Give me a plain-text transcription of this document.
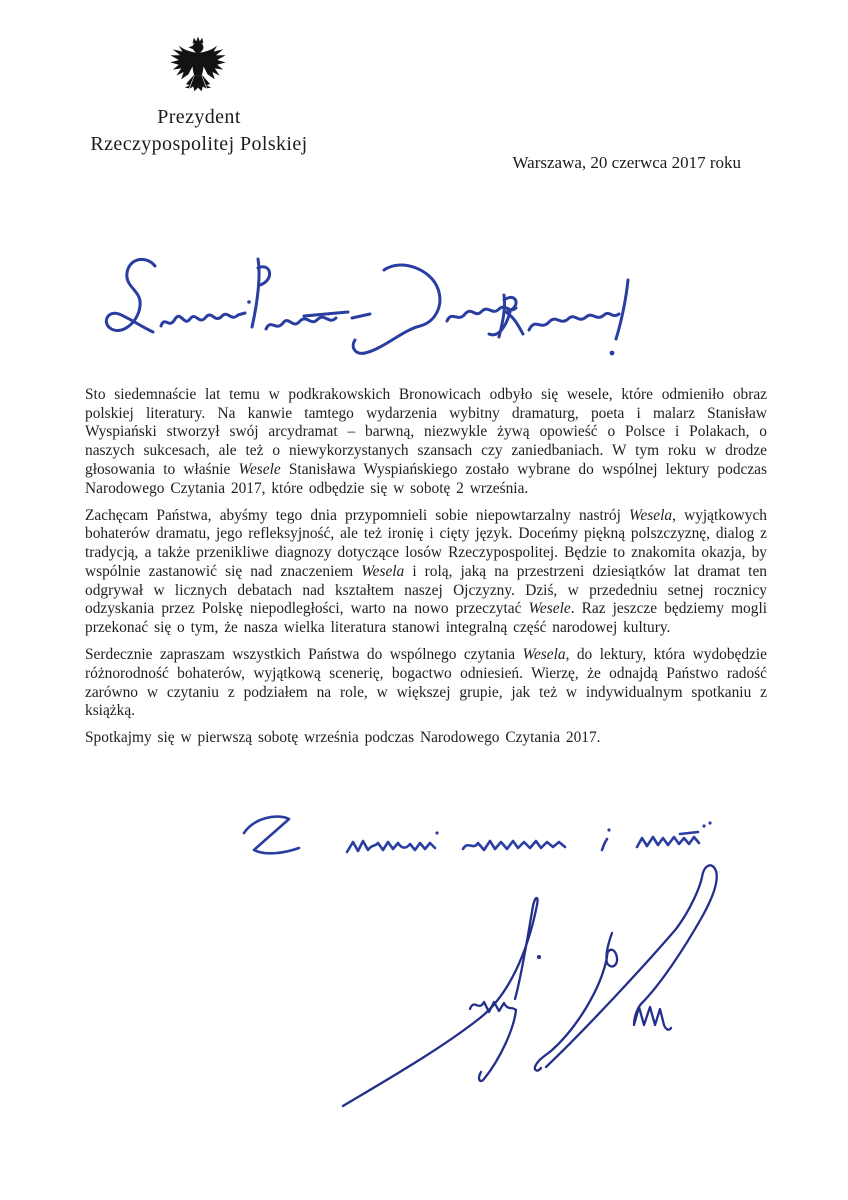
Prezydent
Rzeczypospolitej Polskiej
Warszawa, 20 czerwca 2017 roku

Sto siedemnaście lat temu w podkrakowskich Bronowicach odbyło się wesele, które odmieniło obraz polskiej literatury. Na kanwie tamtego wydarzenia wybitny dramaturg, poeta i malarz Stanisław Wyspiański stworzył swój arcydramat – barwną, niezwykle żywą opowieść o Polsce i Polakach, o naszych sukcesach, ale też o niewykorzystanych szansach czy zaniedbaniach. W tym roku w drodze głosowania to właśnie Wesele Stanisława Wyspiańskiego zostało wybrane do wspólnej lektury podczas Narodowego Czytania 2017, które odbędzie się w sobotę 2 września.

Zachęcam Państwa, abyśmy tego dnia przypomnieli sobie niepowtarzalny nastrój Wesela, wyjątkowych bohaterów dramatu, jego refleksyjność, ale też ironię i cięty język. Doceńmy piękną polszczyznę, dialog z tradycją, a także przenikliwe diagnozy dotyczące losów Rzeczypospolitej. Będzie to znakomita okazja, by wspólnie zastanowić się nad znaczeniem Wesela i rolą, jaką na przestrzeni dziesiątków lat dramat ten odgrywał w licznych debatach nad kształtem naszej Ojczyzny. Dziś, w przededniu setnej rocznicy odzyskania przez Polskę niepodległości, warto na nowo przeczytać Wesele. Raz jeszcze będziemy mogli przekonać się o tym, że nasza wielka literatura stanowi integralną część narodowej kultury.

Serdecznie zapraszam wszystkich Państwa do wspólnego czytania Wesela, do lektury, która wydobędzie różnorodność bohaterów, wyjątkową scenerię, bogactwo odniesień. Wierzę, że odnajdą Państwo radość zarówno w czytaniu z podziałem na role, w większej grupie, jak też w indywidualnym spotkaniu z książką.

Spotkajmy się w pierwszą sobotę września podczas Narodowego Czytania 2017.
